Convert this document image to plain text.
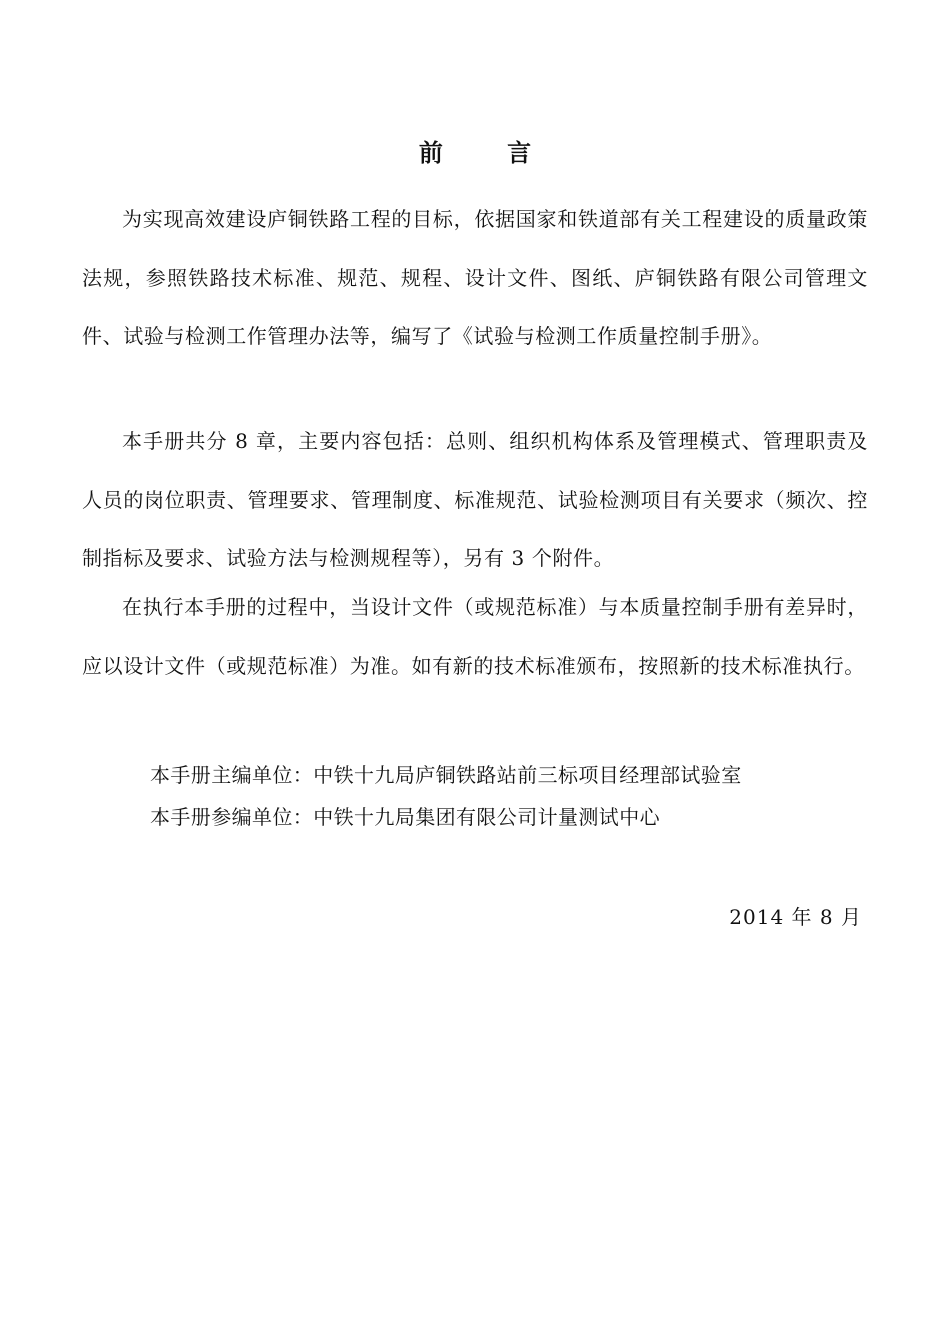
前 言

为实现高效建设庐铜铁路工程的目标，依据国家和铁道部有关工程建设的质量政策法规，参照铁路技术标准、规范、规程、设计文件、图纸、庐铜铁路有限公司管理文件、试验与检测工作管理办法等，编写了《试验与检测工作质量控制手册》。

本手册共分 8 章，主要内容包括：总则、组织机构体系及管理模式、管理职责及人员的岗位职责、管理要求、管理制度、标准规范、试验检测项目有关要求（频次、控制指标及要求、试验方法与检测规程等），另有 3 个附件。

在执行本手册的过程中，当设计文件（或规范标准）与本质量控制手册有差异时，应以设计文件（或规范标准）为准。如有新的技术标准颁布，按照新的技术标准执行。

本手册主编单位：中铁十九局庐铜铁路站前三标项目经理部试验室
本手册参编单位：中铁十九局集团有限公司计量测试中心
2014 年 8 月
